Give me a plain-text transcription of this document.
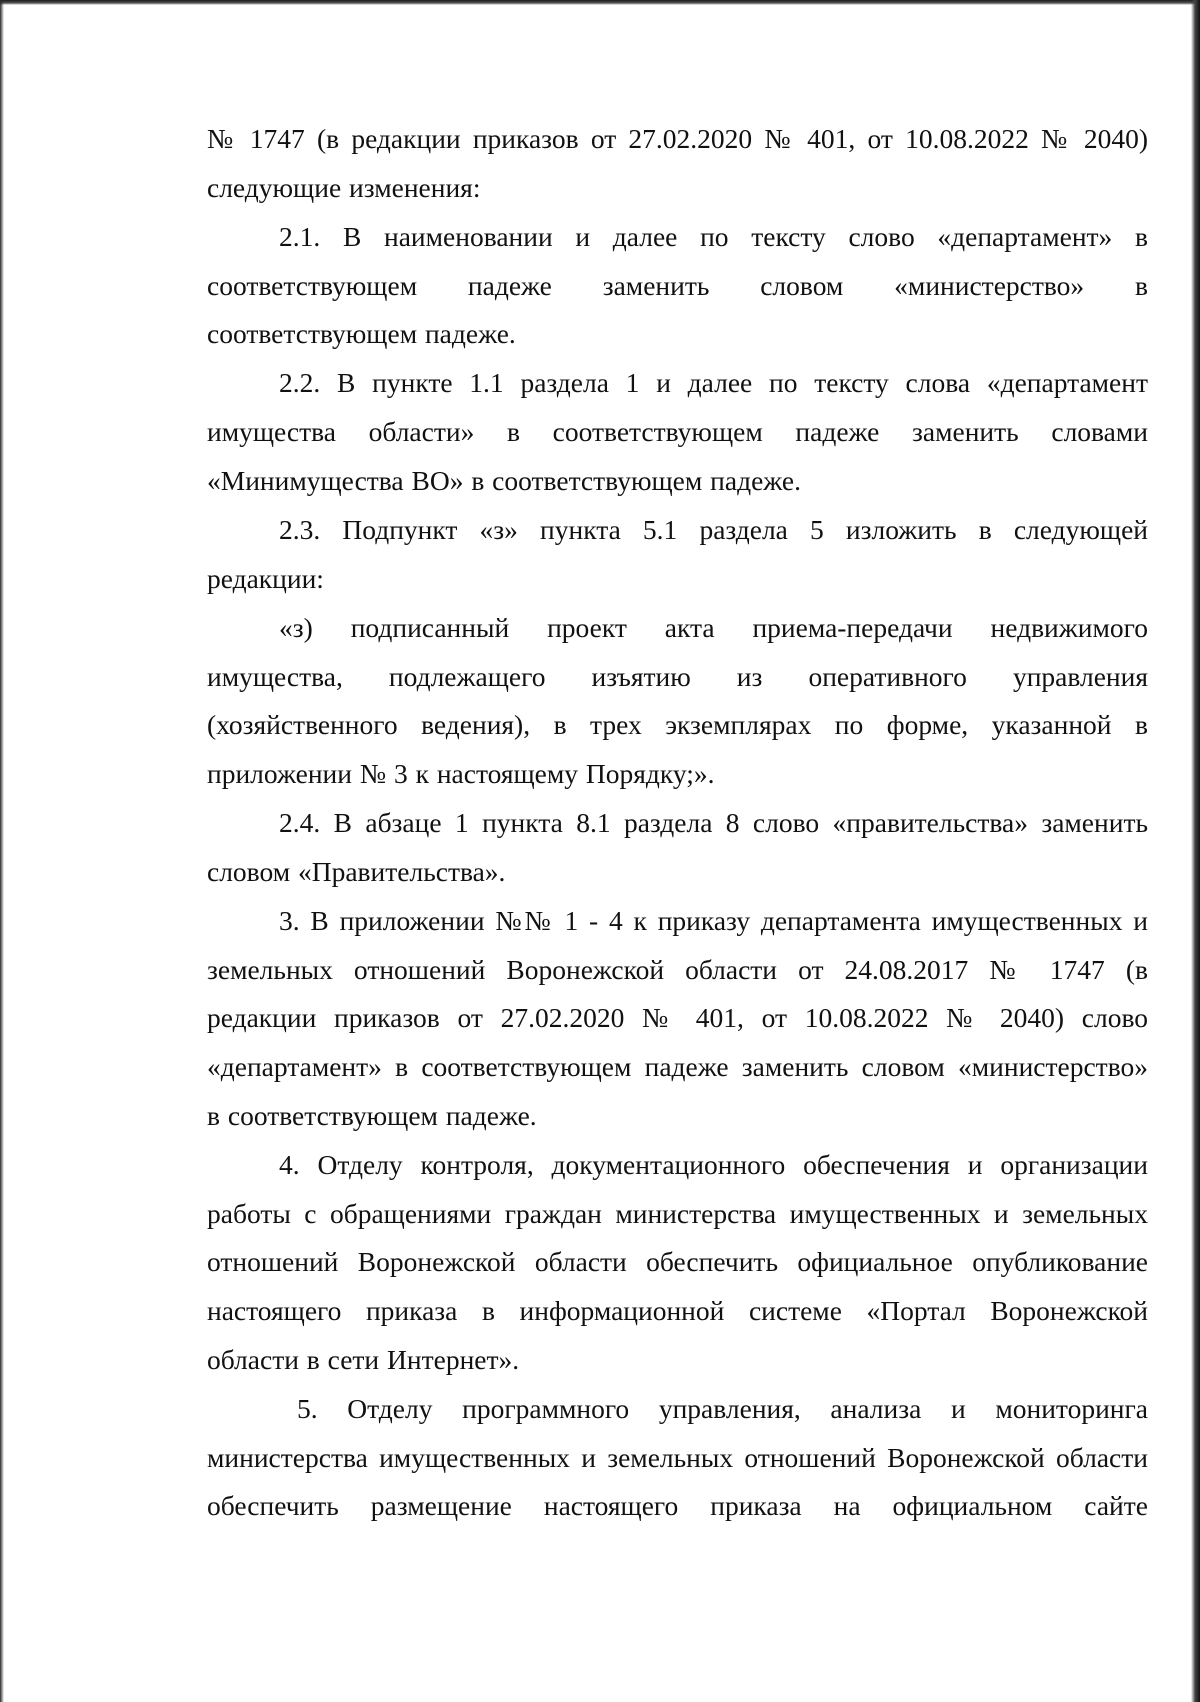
№ 1747 (в редакции приказов от 27.02.2020 № 401, от 10.08.2022 № 2040)
следующие изменения:
2.1. В наименовании и далее по тексту слово «департамент» в
соответствующем падеже заменить словом «министерство» в
соответствующем падеже.
2.2. В пункте 1.1 раздела 1 и далее по тексту слова «департамент
имущества области» в соответствующем падеже заменить словами
«Минимущества ВО» в соответствующем падеже.
2.3. Подпункт «з» пункта 5.1 раздела 5 изложить в следующей
редакции:
«з) подписанный проект акта приема-передачи недвижимого
имущества, подлежащего изъятию из оперативного управления
(хозяйственного ведения), в трех экземплярах по форме, указанной в
приложении № 3 к настоящему Порядку;».
2.4. В абзаце 1 пункта 8.1 раздела 8 слово «правительства» заменить
словом «Правительства».
3. В приложении №№ 1 - 4 к приказу департамента имущественных и
земельных отношений Воронежской области от 24.08.2017 № 1747 (в
редакции приказов от 27.02.2020 № 401, от 10.08.2022 № 2040) слово
«департамент» в соответствующем падеже заменить словом «министерство»
в соответствующем падеже.
4. Отделу контроля, документационного обеспечения и организации
работы с обращениями граждан министерства имущественных и земельных
отношений Воронежской области обеспечить официальное опубликование
настоящего приказа в информационной системе «Портал Воронежской
области в сети Интернет».
5. Отделу программного управления, анализа и мониторинга
министерства имущественных и земельных отношений Воронежской области
обеспечить размещение настоящего приказа на официальном сайте
